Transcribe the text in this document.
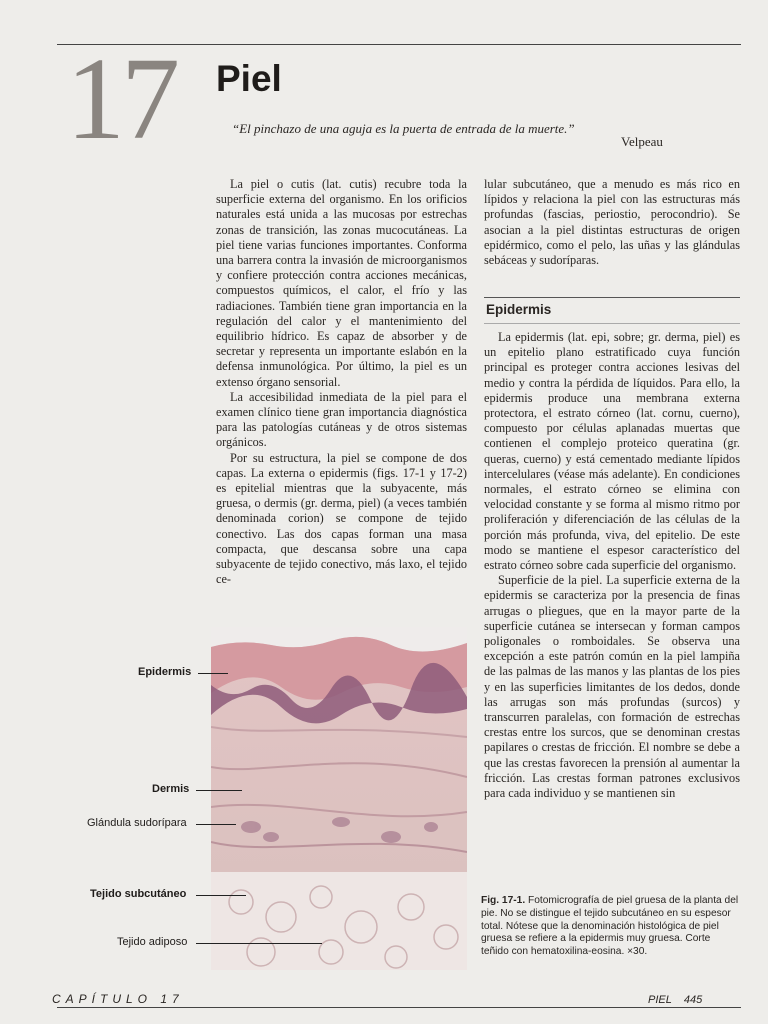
17 Piel
“El pinchazo de una aguja es la puerta de entrada de la muerte.”
Velpeau

La piel o cutis (lat. cutis) recubre toda la superficie externa del organismo. En los orificios naturales está unida a las mucosas por estrechas zonas de transición, las zonas mucocutáneas. La piel tiene varias funciones importantes. Conforma una barrera contra la invasión de microorganismos y confiere protección contra acciones mecánicas, compuestos químicos, el calor, el frío y las radiaciones. También tiene gran importancia en la regulación del calor y el mantenimiento del equilibrio hídrico. Es capaz de absorber y de secretar y representa un importante eslabón en la defensa inmunológica. Por último, la piel es un extenso órgano sensorial.

La accesibilidad inmediata de la piel para el examen clínico tiene gran importancia diagnóstica para las patologías cutáneas y de otros sistemas orgánicos.

Por su estructura, la piel se compone de dos capas. La externa o epidermis (figs. 17-1 y 17-2) es epitelial mientras que la subyacente, más gruesa, o dermis (gr. derma, piel) (a veces también denominada corion) se compone de tejido conectivo. Las dos capas forman una masa compacta, que descansa sobre una capa subyacente de tejido conectivo, más laxo, el tejido ce-

lular subcutáneo, que a menudo es más rico en lípidos y relaciona la piel con las estructuras más profundas (fascias, periostio, perocondrio). Se asocian a la piel distintas estructuras de origen epidérmico, como el pelo, las uñas y las glándulas sebáceas y sudoríparas.

Epidermis

La epidermis (lat. epi, sobre; gr. derma, piel) es un epitelio plano estratificado cuya función principal es proteger contra acciones lesivas del medio y contra la pérdida de líquidos. Para ello, la epidermis produce una membrana externa protectora, el estrato córneo (lat. cornu, cuerno), compuesto por células aplanadas muertas que contienen el complejo proteico queratina (gr. queras, cuerno) y está cementado mediante lípidos intercelulares (véase más adelante). En condiciones normales, el estrato córneo se elimina con velocidad constante y se forma al mismo ritmo por proliferación y diferenciación de las células de la porción más profunda, viva, del epitelio. De este modo se mantiene el espesor característico del estrato córneo sobre cada superficie del organismo.

Superficie de la piel. La superficie externa de la epidermis se caracteriza por la presencia de finas arrugas o pliegues, que en la mayor parte de la superficie cutánea se intersecan y forman campos poligonales o romboidales. Se observa una excepción a este patrón común en la piel lampiña de las palmas de las manos y las plantas de los pies y en las superficies limitantes de los dedos, donde las arrugas son más profundas (surcos) y transcurren paralelas, con formación de estrechas crestas entre los surcos, que se denominan crestas papilares o crestas de fricción. El nombre se debe a que las crestas favorecen la prensión al aumentar la fricción. Las crestas forman patrones exclusivos para cada individuo y se mantienen sin

Epidermis
Dermis
Glándula sudorípara
Tejido subcutáneo
Tejido adiposo
Fig. 17-1. Fotomicrografía de piel gruesa de la planta del pie. No se distingue el tejido subcutáneo en su espesor total. Nótese que la denominación histológica de piel gruesa se refiere a la epidermis muy gruesa. Corte teñido con hematoxilina-eosina. ×30.
CAPÍTULO 17	PIEL 445
